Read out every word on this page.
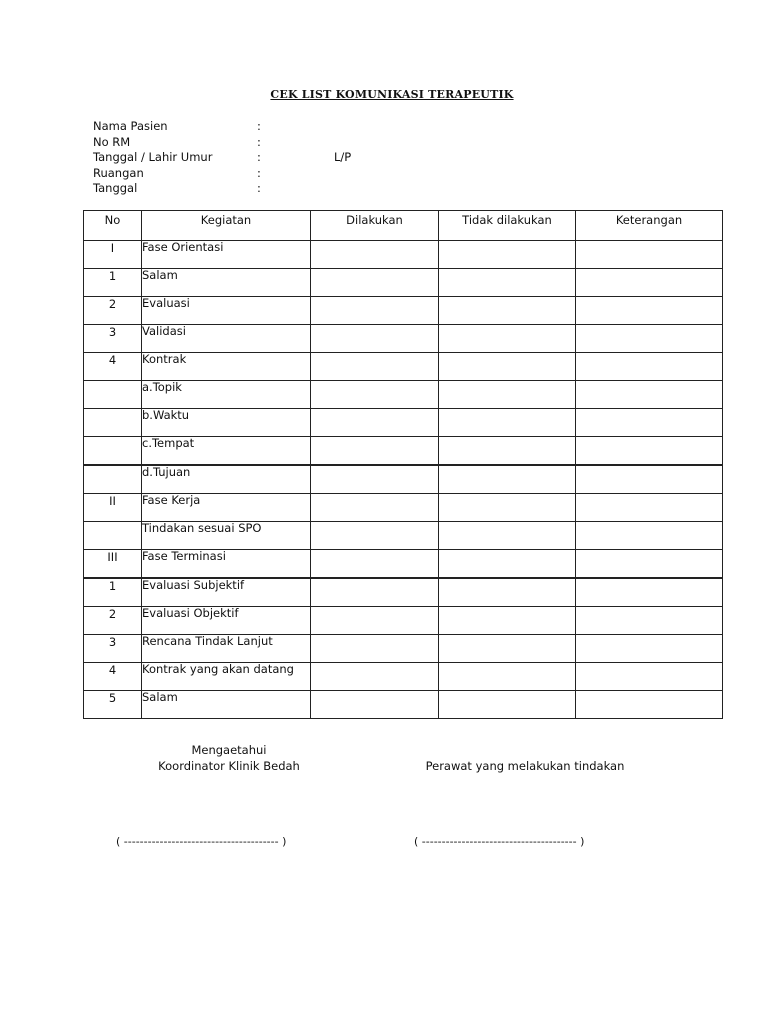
CEK LIST KOMUNIKASI TERAPEUTIK
Nama Pasien	:
No RM	:
Tanggal / Lahir Umur	:	L/P
Ruangan	:
Tanggal	:
No	Kegiatan	Dilakukan	Tidak dilakukan	Keterangan
I	Fase Orientasi			
1	Salam			
2	Evaluasi			
3	Validasi			
4	Kontrak			
	a.Topik			
	b.Waktu			
	c.Tempat			
	d.Tujuan			
II	Fase Kerja			
	Tindakan sesuai SPO			
III	Fase Terminasi			
1	Evaluasi Subjektif			
2	Evaluasi Objektif			
3	Rencana Tindak Lanjut			
4	Kontrak yang akan datang			
5	Salam			
Mengaetahui
Koordinator Klinik Bedah	Perawat yang melakukan tindakan
( --------------------------------------- )	( --------------------------------------- )
